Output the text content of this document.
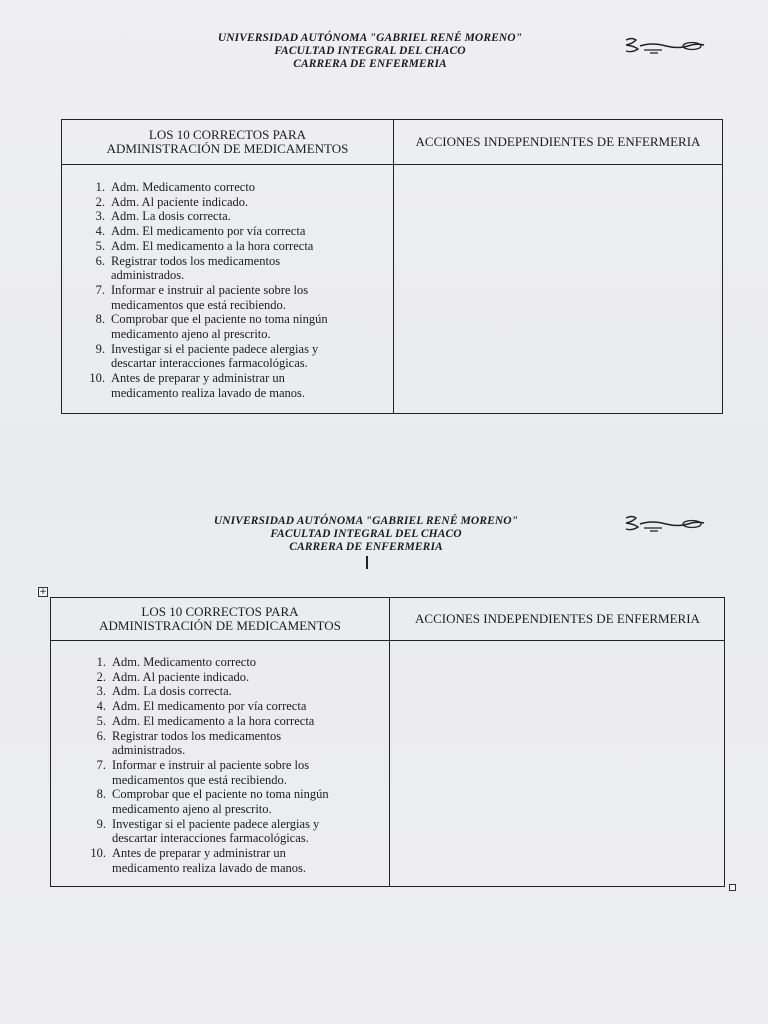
UNIVERSIDAD AUTÓNOMA "GABRIEL RENÉ MORENO"
FACULTAD INTEGRAL DEL CHACO
CARRERA DE ENFERMERIA
LOS 10 CORRECTOS PARA
ADMINISTRACIÓN DE MEDICAMENTOS	ACCIONES INDEPENDIENTES DE ENFERMERIA
1. Adm. Medicamento correcto
2. Adm. Al paciente indicado.
3. Adm. La dosis correcta.
4. Adm. El medicamento por vía correcta
5. Adm. El medicamento a la hora correcta
6. Registrar todos los medicamentos
administrados.
7. Informar e instruir al paciente sobre los
medicamentos que está recibiendo.
8. Comprobar que el paciente no toma ningún
medicamento ajeno al prescrito.
9. Investigar si el paciente padece alergias y
descartar interacciones farmacológicas.
10. Antes de preparar y administrar un
medicamento realiza lavado de manos.
UNIVERSIDAD AUTÓNOMA "GABRIEL RENÉ MORENO"
FACULTAD INTEGRAL DEL CHACO
CARRERA DE ENFERMERIA
+
LOS 10 CORRECTOS PARA
ADMINISTRACIÓN DE MEDICAMENTOS	ACCIONES INDEPENDIENTES DE ENFERMERIA
1. Adm. Medicamento correcto
2. Adm. Al paciente indicado.
3. Adm. La dosis correcta.
4. Adm. El medicamento por vía correcta
5. Adm. El medicamento a la hora correcta
6. Registrar todos los medicamentos
administrados.
7. Informar e instruir al paciente sobre los
medicamentos que está recibiendo.
8. Comprobar que el paciente no toma ningún
medicamento ajeno al prescrito.
9. Investigar si el paciente padece alergias y
descartar interacciones farmacológicas.
10. Antes de preparar y administrar un
medicamento realiza lavado de manos.
